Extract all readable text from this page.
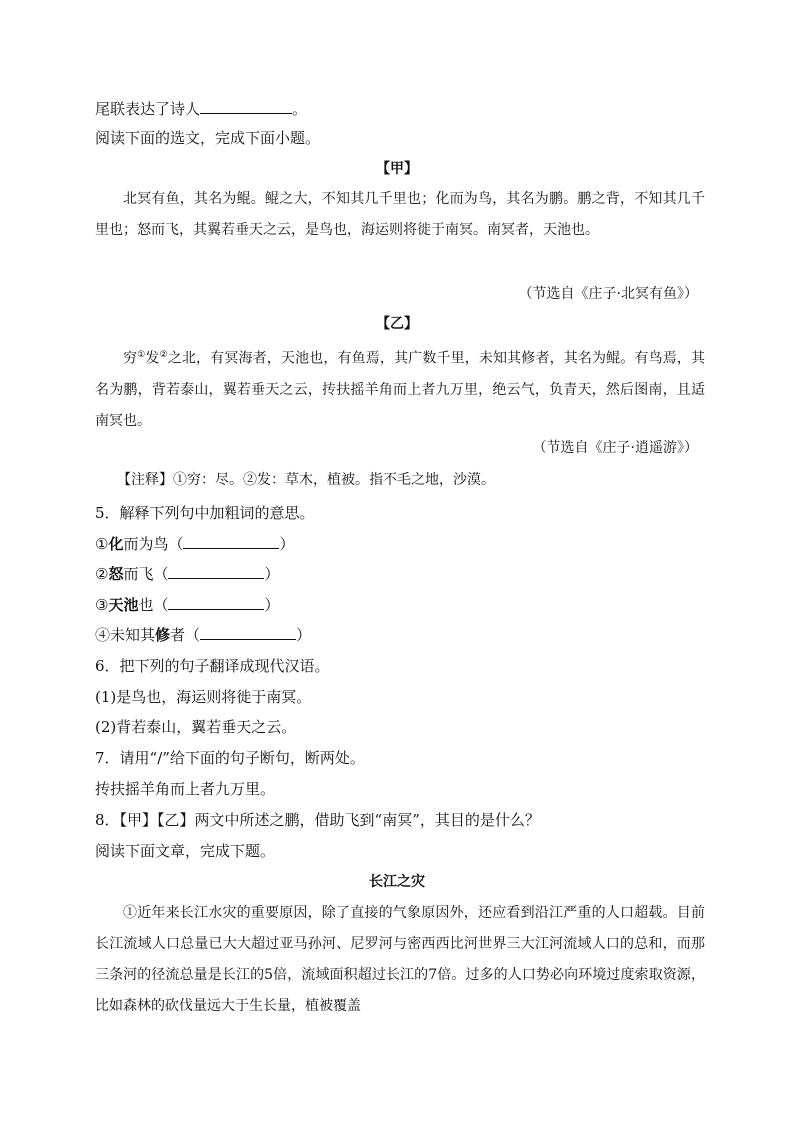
尾联表达了诗人	。
阅读下面的选文，完成下面小题。
【甲】

北冥有鱼，其名为鲲。鲲之大，不知其几千里也；化而为鸟，其名为鹏。鹏之背，不知其几千里也；怒而飞，其翼若垂天之云，是鸟也，海运则将徙于南冥。南冥者，天池也。

（节选自《庄子·北冥有鱼》）
【乙】

穷①发②之北，有冥海者，天池也，有鱼焉，其广数千里，未知其修者，其名为鲲。有鸟焉，其名为鹏，背若泰山，翼若垂天之云，抟扶摇羊角而上者九万里，绝云气，负青天，然后图南，且适南冥也。

（节选自《庄子·逍遥游》）
【注释】①穷：尽。②发：草木，植被。指不毛之地，沙漠。
5．解释下列句中加粗词的意思。
①化而为鸟（	）
②怒而飞（	）
③天池也（	）
④未知其修者（	）
6．把下列的句子翻译成现代汉语。
(1)是鸟也，海运则将徙于南冥。
(2)背若泰山，翼若垂天之云。
7．请用“/”给下面的句子断句，断两处。
抟扶摇羊角而上者九万里。
8．【甲】【乙】两文中所述之鹏，借助飞到“南冥”，其目的是什么？
阅读下面文章，完成下题。
长江之灾

①近年来长江水灾的重要原因，除了直接的气象原因外，还应看到沿江严重的人口超载。目前长江流域人口总量已大大超过亚马孙河、尼罗河与密西西比河世界三大江河流域人口的总和，而那三条河的径流总量是长江的5倍，流域面积超过长江的7倍。过多的人口势必向环境过度索取资源，比如森林的砍伐量远大于生长量，植被覆盖
